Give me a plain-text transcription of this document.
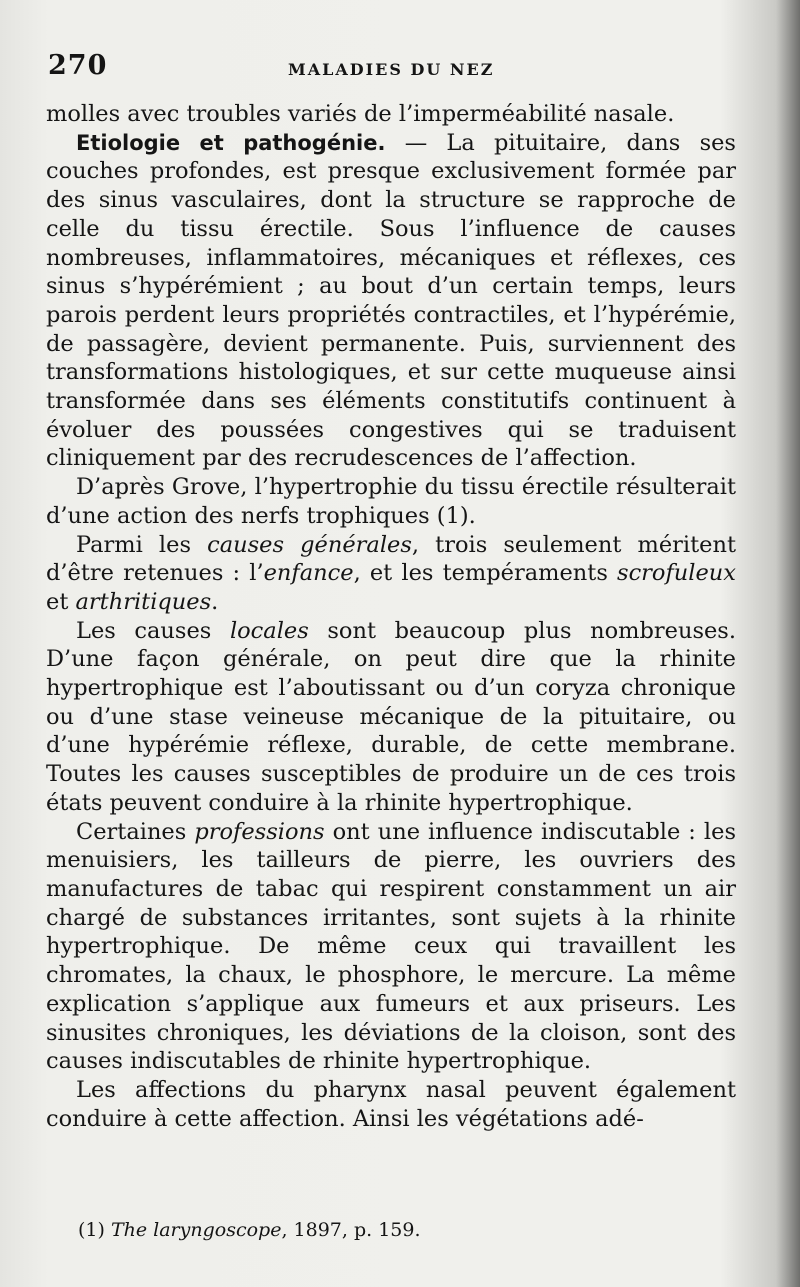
270	MALADIES DU NEZ

molles avec troubles variés de l’imperméabilité nasale.

Etiologie et pathogénie. — La pituitaire, dans ses couches profondes, est presque exclusivement formée par des sinus vasculaires, dont la structure se rapproche de celle du tissu érectile. Sous l’influence de causes nombreuses, inflammatoires, mécaniques et réflexes, ces sinus s’hypérémient ; au bout d’un certain temps, leurs parois perdent leurs propriétés contractiles, et l’hypérémie, de passagère, devient permanente. Puis, surviennent des transformations histologiques, et sur cette muqueuse ainsi transformée dans ses éléments constitutifs continuent à évoluer des poussées congestives qui se traduisent cliniquement par des recrudescences de l’affection.

D’après Grove, l’hypertrophie du tissu érectile résulterait d’une action des nerfs trophiques (1).

Parmi les causes générales, trois seulement méritent d’être retenues : l’enfance, et les tempéraments scrofuleux et arthritiques.

Les causes locales sont beaucoup plus nombreuses. D’une façon générale, on peut dire que la rhinite hypertrophique est l’aboutissant ou d’un coryza chronique ou d’une stase veineuse mécanique de la pituitaire, ou d’une hypérémie réflexe, durable, de cette membrane. Toutes les causes susceptibles de produire un de ces trois états peuvent conduire à la rhinite hypertrophique.

Certaines professions ont une influence indiscutable : les menuisiers, les tailleurs de pierre, les ouvriers des manufactures de tabac qui respirent constamment un air chargé de substances irritantes, sont sujets à la rhinite hypertrophique. De même ceux qui travaillent les chromates, la chaux, le phosphore, le mercure. La même explication s’applique aux fumeurs et aux priseurs. Les sinusites chroniques, les déviations de la cloison, sont des causes indiscutables de rhinite hypertrophique.

Les affections du pharynx nasal peuvent également conduire à cette affection. Ainsi les végétations adé-

(1) The laryngoscope, 1897, p. 159.
